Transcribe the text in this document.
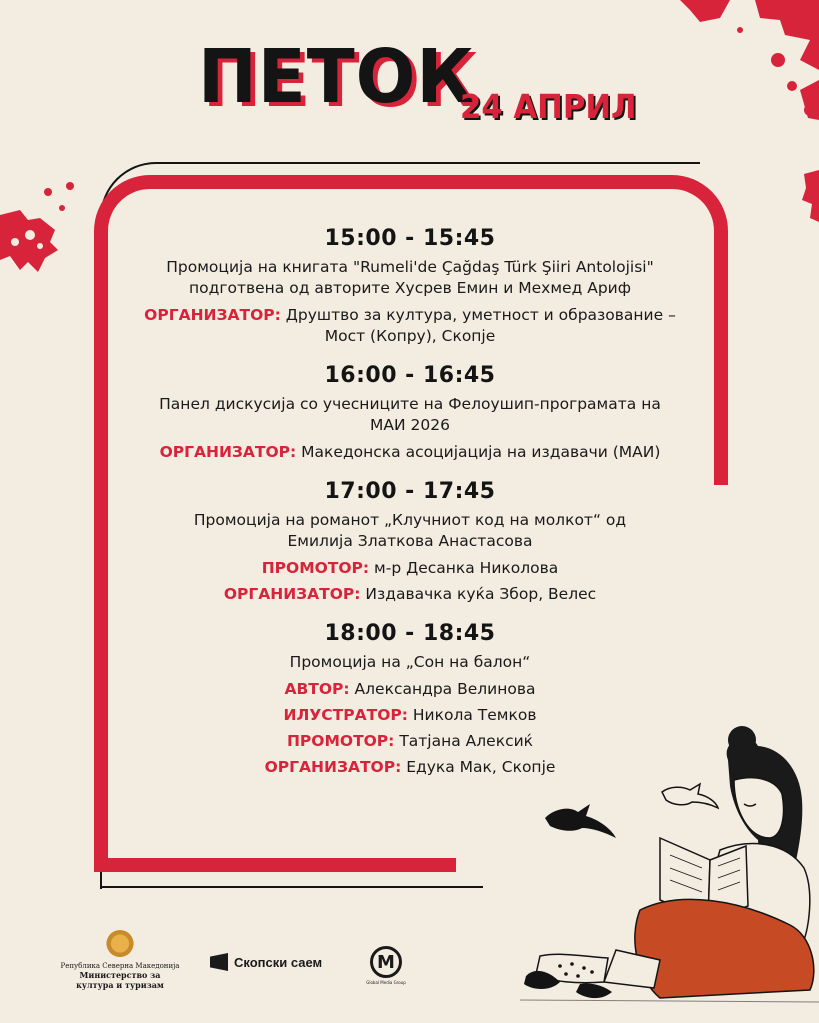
ПЕТОК
24 АПРИЛ
15:00 - 15:45
Промоција на книгата "Rumeli'de Çağdaş Türk Şiiri Antolojisi"
подготвена од авторите Хусрев Емин и Мехмед Ариф
ОРГАНИЗАТОР: Друштво за култура, уметност и образование –
Мост (Копру), Скопје
16:00 - 16:45
Панел дискусија со учесниците на Фелоушип-програмата на
МАИ 2026
ОРГАНИЗАТОР: Македонска асоцијација на издавачи (МАИ)
17:00 - 17:45
Промоција на романот „Клучниот код на молкот“ од
Емилија Златкова Анастасова
ПРОМОТОР: м-р Десанка Николова
ОРГАНИЗАТОР: Издавачка куќа Збор, Велес
18:00 - 18:45
Промоција на „Сон на балон“
АВТОР: Александра Велинова
ИЛУСТРАТОР: Никола Темков
ПРОМОТОР: Татјана Алексиќ
ОРГАНИЗАТОР: Едука Мак, Скопје
Република Северна Македонија
Министерство за култура и туризам
Скопски саем	M
Global Media Group
